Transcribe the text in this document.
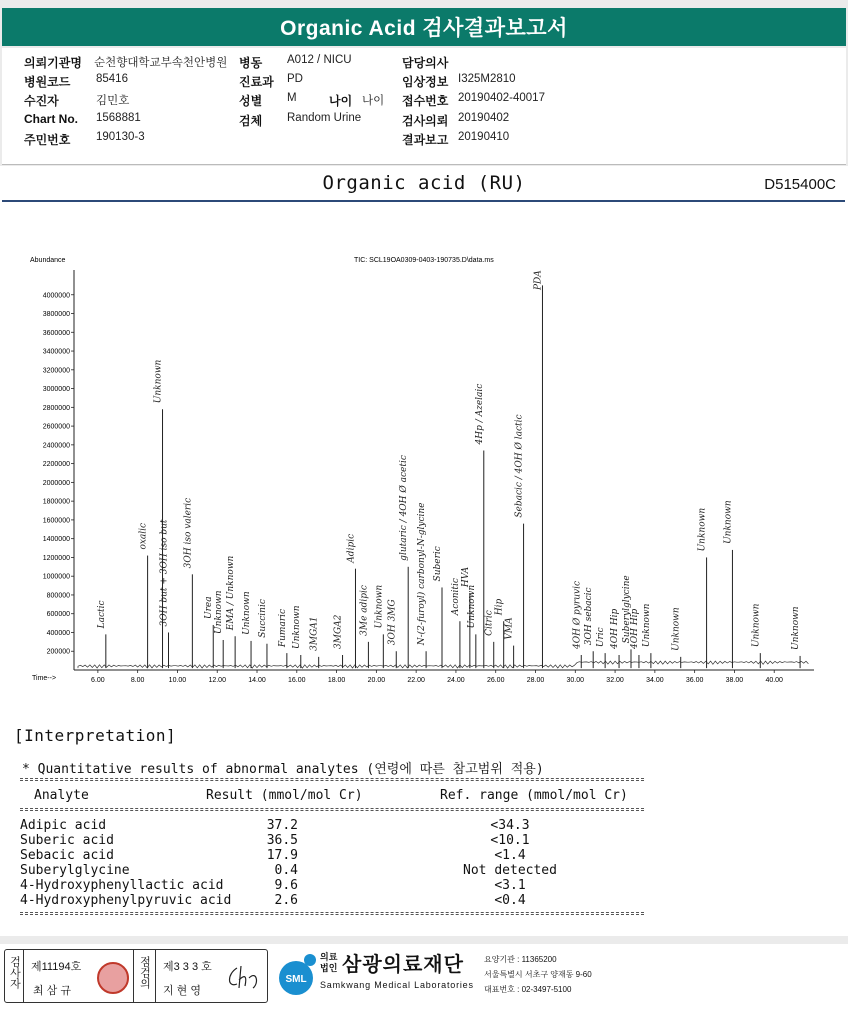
Organic Acid 검사결과보고서
의뢰기관명 순천향대학교부속천안병원 병동 A012 / NICU	담당의사
병원코드 85416	진료과 PD	임상정보 I325M2810
수진자	김민호	성별 M	나이 나이 접수번호 20190402-40017
Chart No. 1568881	검체 Random Urine	검사의뢰 20190402
주민번호 190130-3	결과보고 20190410
Organic acid (RU)	D515400C
Abundance
Time-->
TIC: SCL19OA0309-0403-190735.D\data.ms
200000
400000
600000
800000
1000000
1200000
1400000
1600000
1800000
2000000
2200000
2400000
2600000
2800000
3000000
3200000
3400000
3600000
3800000
4000000
6.00	8.00	10.00	12.00	14.00	16.00	18.00	20.00	22.00	24.00	26.00	28.00	30.00	32.00	34.00	36.00	38.00	40.00
Lactic
oxalic
Unknown
3OH but + 3OH iso but 3OH iso valeric
Urea Unknown EMA / Unknown Unknown Succinic Fumaric Unknown 3MGA1 3MGA2
Adipic
3Me adipic Unknown 3OH 3MG
glutaric / 4OH Ø acetic N-(2-furoyl) carbonyl-N-glycine Suberic
Aconitic
HVA
Unknown
4Hp / Azelaic
Citric
Hip
VMA
Sebacic / 4OH Ø lactic
PDA
4OH Ø pyruvic 3OH sebacic Uric 4OH Hip Suberylglycine
4OH Hip Unknown Unknown
Unknown Unknown
Unknown	Unknown
[Interpretation]
* Quantitative results of abnormal analytes (연령에 따른 참고범위 적용)
Analyte	Result (mmol/mol Cr)	Ref. range (mmol/mol Cr)
Adipic acid	37.2	<34.3
Suberic acid	36.5	<10.1
Sebacic acid	17.9	<1.4
Suberylglycine	0.4	Not detected
4-Hydroxyphenyllactic acid	9.6	<3.1
4-Hydroxyphenylpyruvic acid	2.6	<0.4
검사자 제11194호
최 삼 규
점검의 제3 3 3 호
지 현 영
SML
의료
법인 삼광의료재단
Samkwang Medical Laboratories
요양기관 : 11365200
서울특별시 서초구 양재동 9-60
대표번호 : 02-3497-5100
